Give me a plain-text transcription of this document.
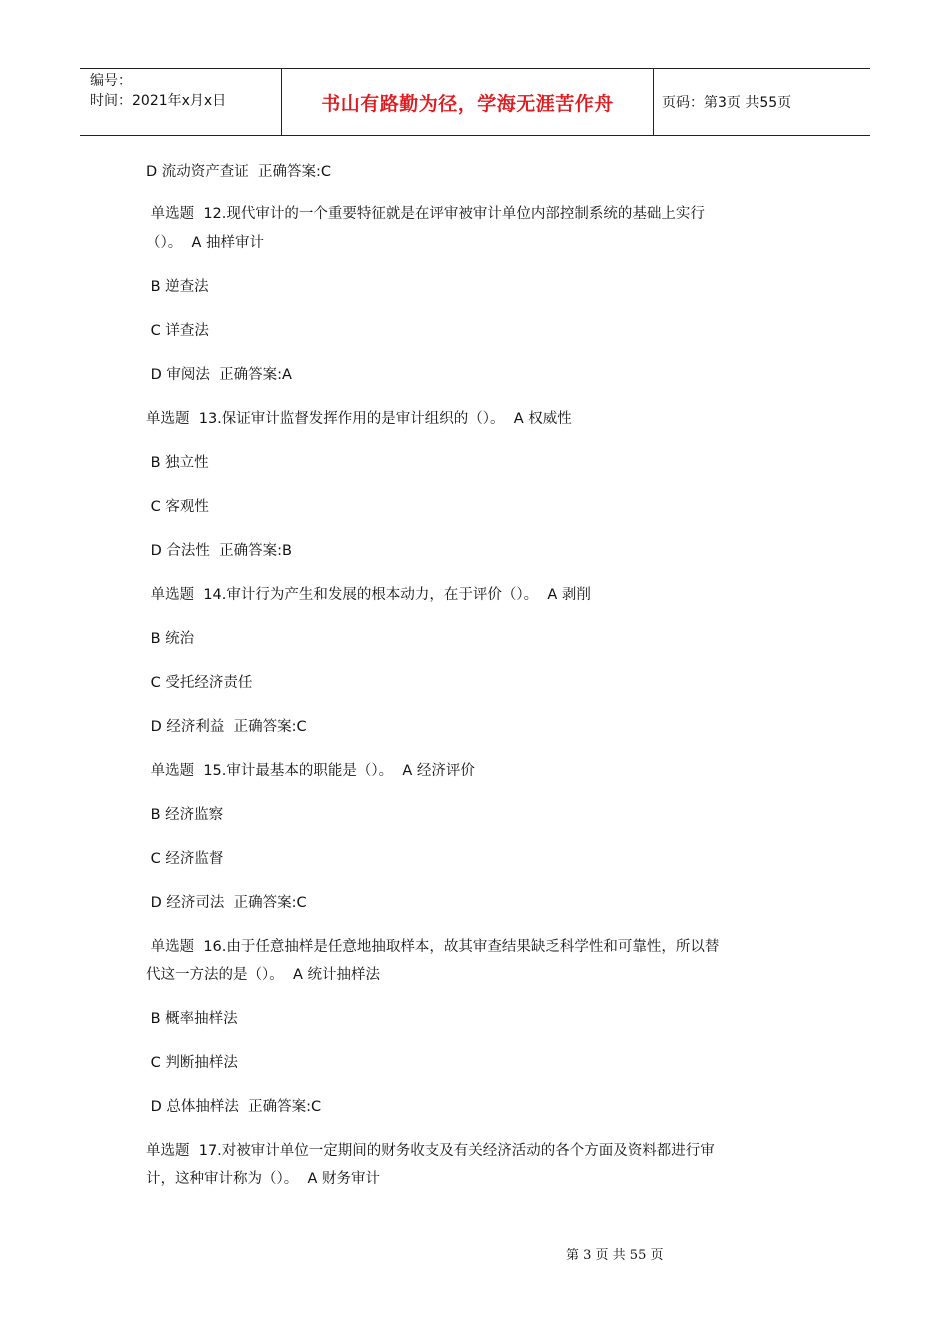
编号：
时间：2021年x月x日	书山有路勤为径，学海无涯苦作舟	页码：第3页 共55页
D 流动资产查证  正确答案:C
单选题  12.现代审计的一个重要特征就是在评审被审计单位内部控制系统的基础上实行
（）。  A 抽样审计
B 逆查法
C 详查法
D 审阅法  正确答案:A
单选题  13.保证审计监督发挥作用的是审计组织的（）。  A 权威性
B 独立性
C 客观性
D 合法性  正确答案:B
单选题  14.审计行为产生和发展的根本动力，在于评价（）。  A 剥削
B 统治
C 受托经济责任
D 经济利益  正确答案:C
单选题  15.审计最基本的职能是（）。  A 经济评价
B 经济监察
C 经济监督
D 经济司法  正确答案:C
单选题  16.由于任意抽样是任意地抽取样本，故其审查结果缺乏科学性和可靠性，所以替
代这一方法的是（）。  A 统计抽样法
B 概率抽样法
C 判断抽样法
D 总体抽样法  正确答案:C
单选题  17.对被审计单位一定期间的财务收支及有关经济活动的各个方面及资料都进行审
计，这种审计称为（）。  A 财务审计
第 3 页 共 55 页
